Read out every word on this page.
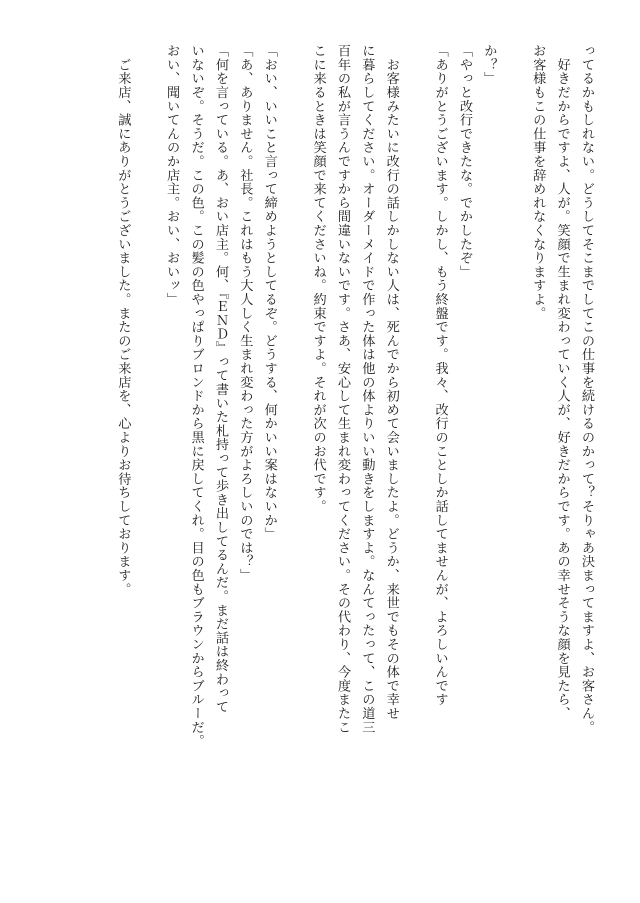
ってるかもしれない。どうしてそこまでしてこの仕事を続けるのかって？そりゃあ決まってますよ、お客さん。
　好きだからですよ、人が。笑顔で生まれ変わっていく人が、好きだからです。あの幸せそうな顔を見たら、
お客様もこの仕事を辞めれなくなりますよ。
か？」
「やっと改行できたな。でかしたぞ」
「ありがとうございます。しかし、もう終盤です。我々、改行のことしか話してませんが、よろしいんです
　お客様みたいに改行の話しかしない人は、死んでから初めて会いましたよ。どうか、来世でもその体で幸せ
に暮らしてください。オーダーメイドで作った体は他の体よりいい動きをしますよ。なんてったって、この道三
百年の私が言うんですから間違いないです。さあ、安心して生まれ変わってください。その代わり、今度またこ
こに来るときは笑顔で来てくださいね。約束ですよ。それが次のお代です。
「おい、いいこと言って締めようとしてるぞ。どうする、何かいい案はないか」
「あ、ありません。社長。これはもう大人しく生まれ変わった方がよろしいのでは？」
「何を言っている。あ、おい店主。何、『ＥＮＤ』って書いた札持って歩き出してるんだ。まだ話は終わって
いないぞ。そうだ。この色。この髪の色やっぱりブロンドから黒に戻してくれ。目の色もブラウンからブルーだ。
おい、聞いてんのか店主。おい、おいッ」
　ご来店、誠にありがとうございました。またのご来店を、心よりお待ちしております。
